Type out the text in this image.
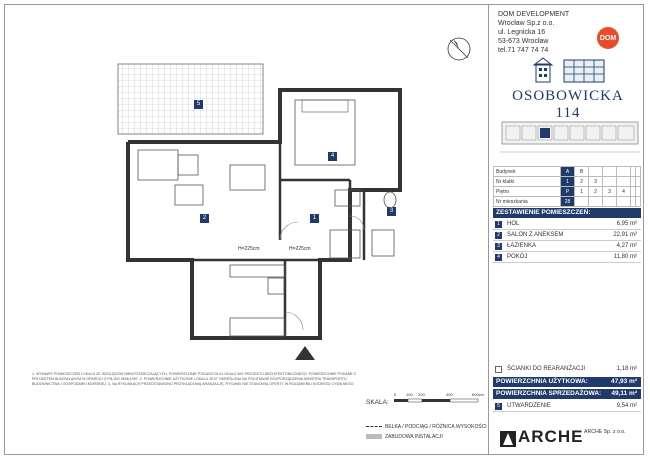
DOM DEVELOPMENT
Wrocław Sp.z o.o.
ul. Legnicka 16
53-673 Wrocław
tel.71 747 74 74
DOM
OSOBOWICKA 114
Budynek	A	B					
Nr klatki	1	2	3				
Piętro	P	1	2	3	4		
Nr mieszkania	28						
ZESTAWIENIE POMIESZCZEŃ:
1	HOL	6,95 m²
2	SALON Z ANEKSEM	22,91 m²
3	ŁAZIENKA	4,27 m²
4	POKÓJ	11,80 m²
ŚCIANKI DO REARANŻACJI	1,18 m²
POWIERZCHNIA UŻYTKOWA:	47,93 m²
POWIERZCHNIA SPRZEDAŻOWA: 49,11 m²
5	UTWARDZENIE	9,54 m²
5
2	1
4
3
H=225cm	H=225cm
1. WYMIARY POMIESZCZEŃ LOKALU ZE WZGLĘDÓW NIEWYSTARCZAJĄCYCH, POWIERZCHNIE PODANO DLA LOKALU WG PROJEKTU ARCHITEKTONICZNEGO. POWIERZCHNIE PODANE Z PROJEKTEM BUDOWLANYM W OPARCIU O PN-ISO 9836:1997. 2. POWIERZCHNIE UŻYTKOWE LOKALU JEST OKREŚLONA NA PODSTAWIE ROZPORZĄDZENIA MINISTRA TRANSPORTU, BUDOWNICTWA I GOSPODARKI MORSKIEJ. 3. NA RYSUNKACH PRZEDSTAWIONO PRZYKŁADOWĄ ARANŻACJĘ. RYSUNKI NIE STANOWIĄ OFERTY W ROZUMIENIU KODEKSU CYWILNEGO.
SKALA:
0 100 200	400	600cm
BELKA / PODCIĄG / RÓŻNICA WYSOKOŚCI
ZABUDOWA INSTALACJI	ARCHE ARCHE Sp. z o.o.
